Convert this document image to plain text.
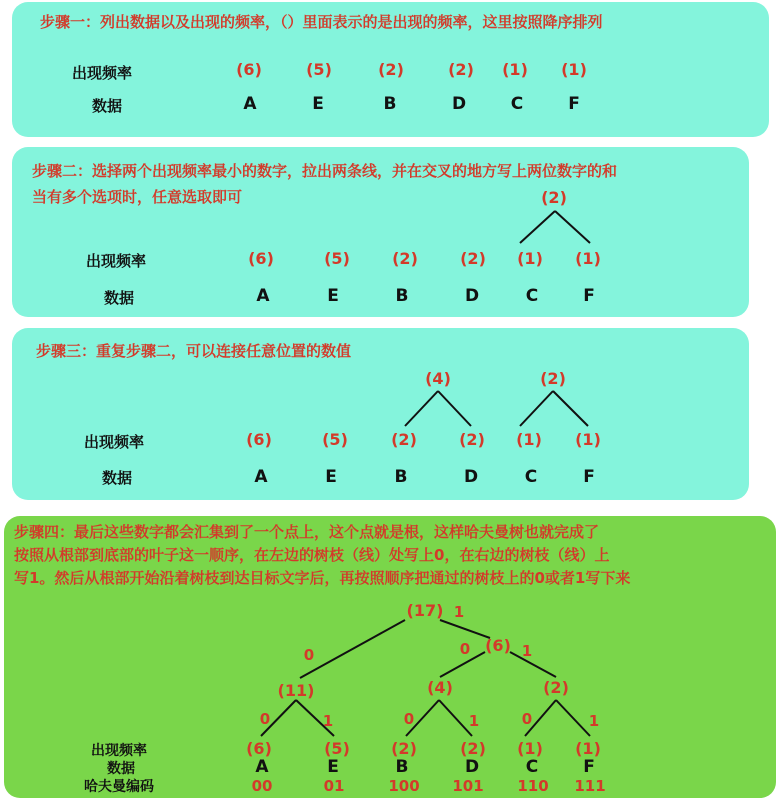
步骤一：列出数据以及出现的频率，（）里面表示的是出现的频率，这里按照降序排列
出现频率
数据
(6)	(5)	(2)	(2) (1) (1)
A	E	B	D	C	F
步骤二：选择两个出现频率最小的数字，拉出两条线，并在交叉的地方写上两位数字的和
当有多个选项时，任意选取即可	(2)
出现频率
数据
(6)	(5)	(2)	(2) (1) (1)
A	E	B	D	C	F
步骤三：重复步骤二，可以连接任意位置的数值
(4)	(2)
出现频率
数据
(6)	(5)	(2)	(2) (1) (1)
A	E	B	D	C	F
步骤四：最后这些数字都会汇集到了一个点上，这个点就是根，这样哈夫曼树也就完成了
按照从根部到底部的叶子这一顺序，在左边的树枝（线）处写上0，在右边的树枝（线）上
写1。然后从根部开始沿着树枝到达目标文字后，再按照顺序把通过的树枝上的0或者1写下来
(17) 1
0	(6)
0	1
(11)	(4)	(2)
0	1	0	1	0	1
出现频率
数据
哈夫曼编码
(6)	(5)	(2)	(2) (1) (1)
A	E	B	D	C	F
00	01	100 101 110 111
